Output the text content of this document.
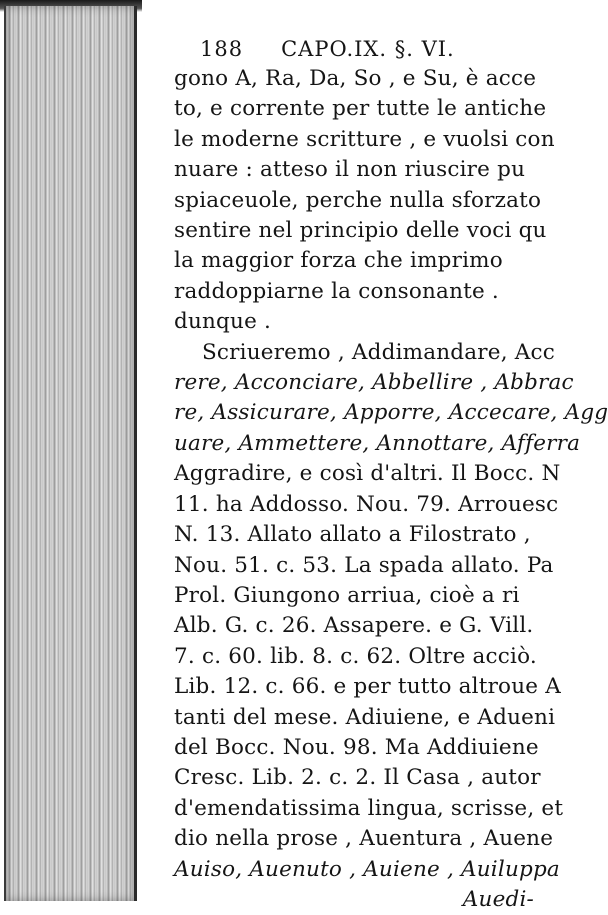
188 CAPO.IX. §. VI.
gono A, Ra, Da, So , e Su, è acce
to, e corrente per tutte le antiche
le moderne scritture , e vuolsi con
nuare : atteso il non riuscire pu
spiaceuole, perche nulla sforzato
sentire nel principio delle voci qu
la maggior forza che imprimo
raddoppiarne la consonante .
dunque .
Scriueremo , Addimandare, Acc
rere, Acconciare, Abbellire , Abbrac
re, Assicurare, Apporre, Accecare, Agg
uare, Ammettere, Annottare, Afferra
Aggradire, e così d'altri. Il Bocc. N
11. ha Addosso. Nou. 79. Arrouesc
N. 13. Allato allato a Filostrato ,
Nou. 51. c. 53. La spada allato. Pa
Prol. Giungono arriua, cioè a ri
Alb. G. c. 26. Assapere. e G. Vill.
7. c. 60. lib. 8. c. 62. Oltre acciò.
Lib. 12. c. 66. e per tutto altroue A
tanti del mese. Adiuiene, e Adueni
del Bocc. Nou. 98. Ma Addiuiene
Cresc. Lib. 2. c. 2. Il Casa , autor
d'emendatissima lingua, scrisse, et
dio nella prose , Auentura , Auene
Auiso, Auenuto , Auiene , Auiluppa
Auedi-
